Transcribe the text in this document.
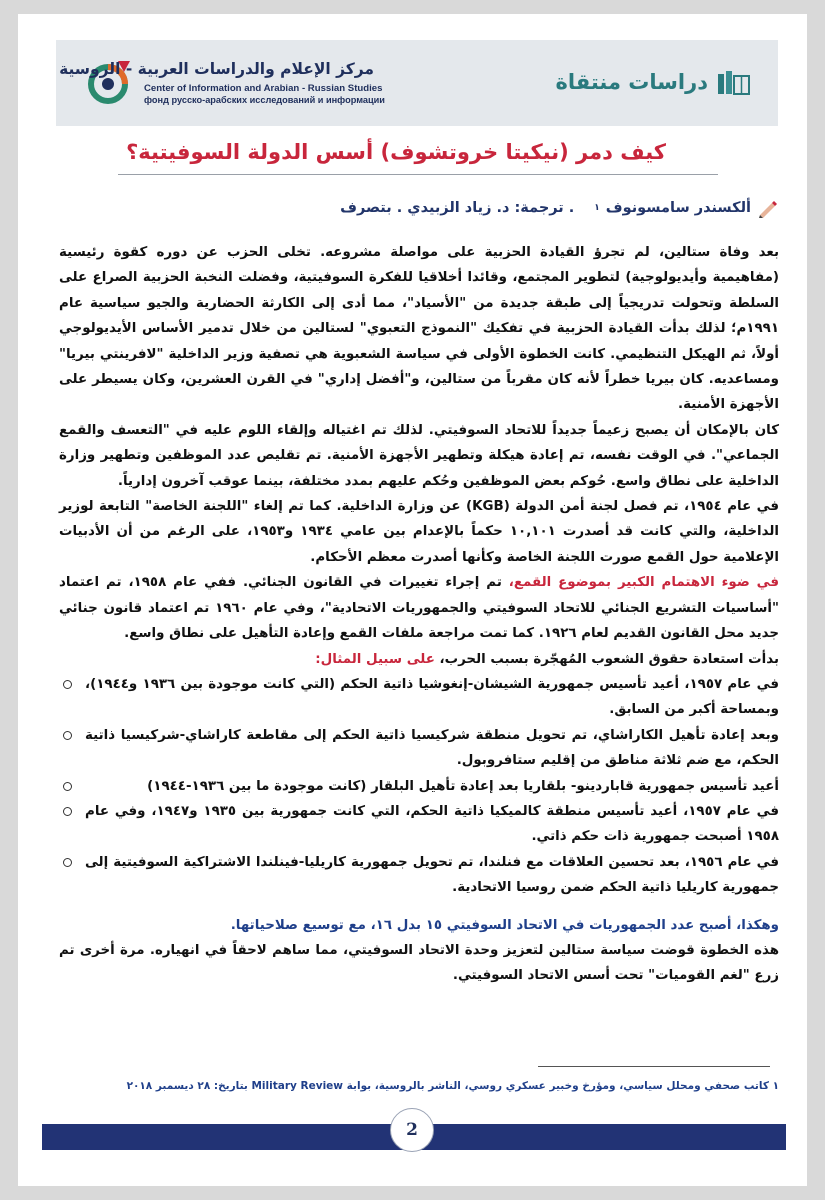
دراسات منتقاة
مركز الإعلام والدراسات العربية - الروسية
Center of Information and Arabian - Russian Studies
фонд русско-арабских исследований и информации
كيف دمر (نيكيتا خروتشوف) أسس الدولة السوفيتية؟
ألكسندر سامسونوف
١
. ترجمة: د. زياد الزبيدي . بتصرف

بعد وفاة ستالين، لم تجرؤ القيادة الحزبية على مواصلة مشروعه. تخلى الحزب عن دوره كقوة رئيسية (مفاهيمية وأيديولوجية) لتطوير المجتمع، وقائدا أخلاقيا للفكرة السوفيتية، وفضلت النخبة الحزبية الصراع على السلطة وتحولت تدريجياً إلى طبقة جديدة من "الأسياد"، مما أدى إلى الكارثة الحضارية والجيو سياسية عام ١٩٩١م؛ لذلك بدأت القيادة الحزبية في تفكيك "النموذج التعبوي" لستالين من خلال تدمير الأساس الأيديولوجي أولاً، ثم الهيكل التنظيمي. كانت الخطوة الأولى في سياسة الشعبوية هي تصفية وزير الداخلية "لافرينتي بيريا" ومساعديه. كان بيريا خطراً لأنه كان مقرباً من ستالين، و"أفضل إداري" في القرن العشرين، وكان يسيطر على الأجهزة الأمنية.

كان بالإمكان أن يصبح زعيماً جديداً للاتحاد السوفيتي. لذلك تم اغتياله وإلقاء اللوم عليه في "التعسف والقمع الجماعي". في الوقت نفسه، تم إعادة هيكلة وتطهير الأجهزة الأمنية. تم تقليص عدد الموظفين وتطهير وزارة الداخلية على نطاق واسع. حُوكم بعض الموظفين وحُكم عليهم بمدد مختلفة، بينما عوقب آخرون إدارياً.

في عام ١٩٥٤، تم فصل لجنة أمن الدولة (KGB) عن وزارة الداخلية. كما تم إلغاء "اللجنة الخاصة" التابعة لوزير الداخلية، والتي كانت قد أصدرت ١٠,١٠١ حكماً بالإعدام بين عامي ١٩٣٤ و١٩٥٣، على الرغم من أن الأدبيات الإعلامية حول القمع صورت اللجنة الخاصة وكأنها أصدرت معظم الأحكام.

في ضوء الاهتمام الكبير بموضوع القمع، تم إجراء تغييرات في القانون الجنائي. ففي عام ١٩٥٨، تم اعتماد "أساسيات التشريع الجنائي للاتحاد السوفيتي والجمهوريات الاتحادية"، وفي عام ١٩٦٠ تم اعتماد قانون جنائي جديد محل القانون القديم لعام ١٩٢٦. كما تمت مراجعة ملفات القمع وإعادة التأهيل على نطاق واسع.

بدأت استعادة حقوق الشعوب المُهجّرة بسبب الحرب، على سبيل المثال:

في عام ١٩٥٧، أعيد تأسيس جمهورية الشيشان-إنغوشيا ذاتية الحكم (التي كانت موجودة بين ١٩٣٦ و١٩٤٤)، وبمساحة أكبر من السابق.
وبعد إعادة تأهيل الكاراشاي، تم تحويل منطقة شركيسيا ذاتية الحكم إلى مقاطعة كاراشاي-شركيسيا ذاتية الحكم، مع ضم ثلاثة مناطق من إقليم ستافروبول.
أعيد تأسيس جمهورية قاباردينو- بلقاريا بعد إعادة تأهيل البلقار (كانت موجودة ما بين ١٩٣٦-١٩٤٤)
في عام ١٩٥٧، أعيد تأسيس منطقة كالميكيا ذاتية الحكم، التي كانت جمهورية بين ١٩٣٥ و١٩٤٧، وفي عام ١٩٥٨ أصبحت جمهورية ذات حكم ذاتي.
في عام ١٩٥٦، بعد تحسين العلاقات مع فنلندا، تم تحويل جمهورية كاريليا-فينلندا الاشتراكية السوفيتية إلى جمهورية كاريليا ذاتية الحكم ضمن روسيا الاتحادية.

وهكذا، أصبح عدد الجمهوريات في الاتحاد السوفيتي ١٥ بدل ١٦، مع توسيع صلاحياتها.

هذه الخطوة قوضت سياسة ستالين لتعزيز وحدة الاتحاد السوفيتي، مما ساهم لاحقاً في انهياره. مرة أخرى تم زرع "لغم القوميات" تحت أسس الاتحاد السوفيتي.

١ كاتب صحفي ومحلل سياسي، ومؤرخ وخبير عسكري روسي، الناشر بالروسية، بوابة Military Review بتاريخ: ٢٨ ديسمبر ٢٠١٨
2
